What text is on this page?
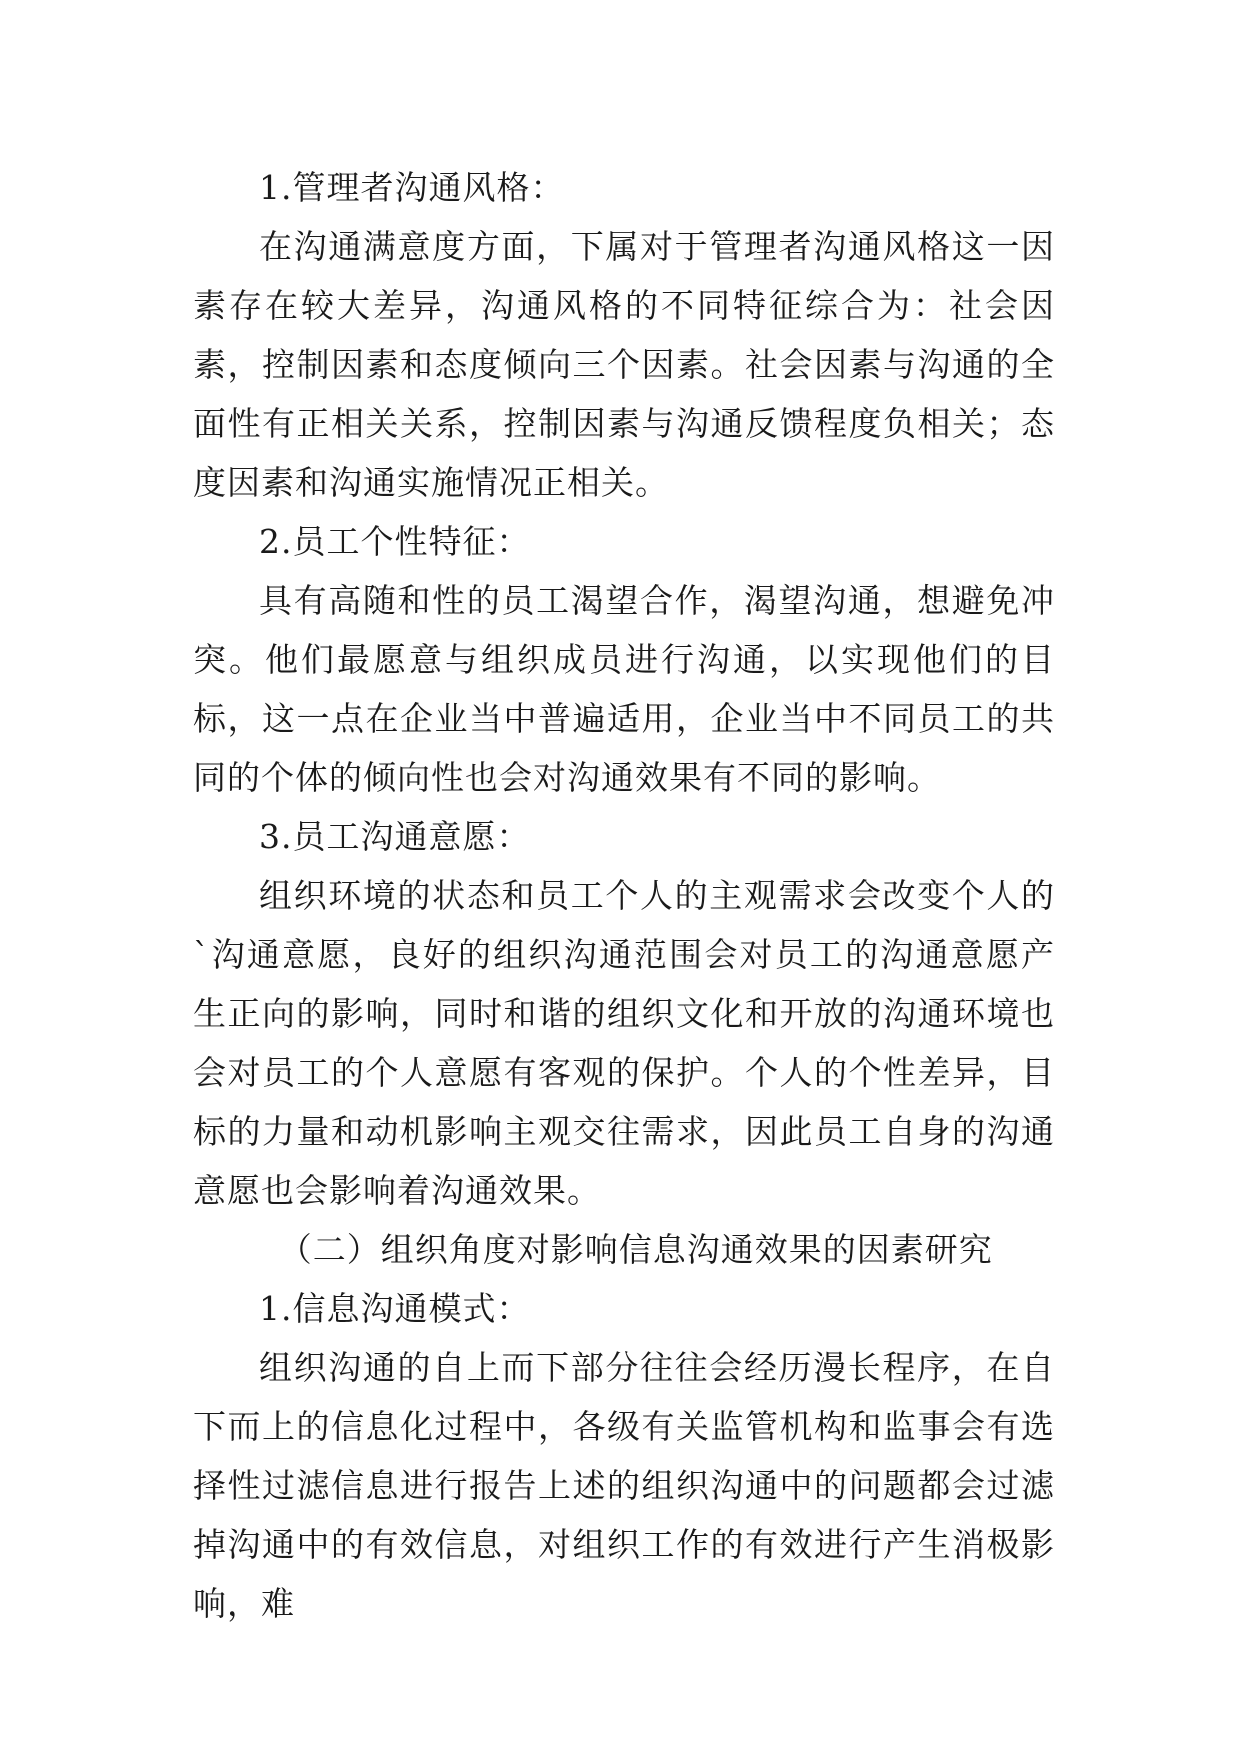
1.管理者沟通风格：

在沟通满意度方面，下属对于管理者沟通风格这一因素存在较大差异，沟通风格的不同特征综合为：社会因素，控制因素和态度倾向三个因素。社会因素与沟通的全面性有正相关关系，控制因素与沟通反馈程度负相关；态度因素和沟通实施情况正相关。

2.员工个性特征：

具有高随和性的员工渴望合作，渴望沟通，想避免冲突。他们最愿意与组织成员进行沟通，以实现他们的目标，这一点在企业当中普遍适用，企业当中不同员工的共同的个体的倾向性也会对沟通效果有不同的影响。

3.员工沟通意愿：

组织环境的状态和员工个人的主观需求会改变个人的`沟通意愿，良好的组织沟通范围会对员工的沟通意愿产生正向的影响，同时和谐的组织文化和开放的沟通环境也会对员工的个人意愿有客观的保护。个人的个性差异，目标的力量和动机影响主观交往需求，因此员工自身的沟通意愿也会影响着沟通效果。

（二）组织角度对影响信息沟通效果的因素研究

1.信息沟通模式：

组织沟通的自上而下部分往往会经历漫长程序，在自下而上的信息化过程中，各级有关监管机构和监事会有选择性过滤信息进行报告上述的组织沟通中的问题都会过滤掉沟通中的有效信息，对组织工作的有效进行产生消极影响，难
